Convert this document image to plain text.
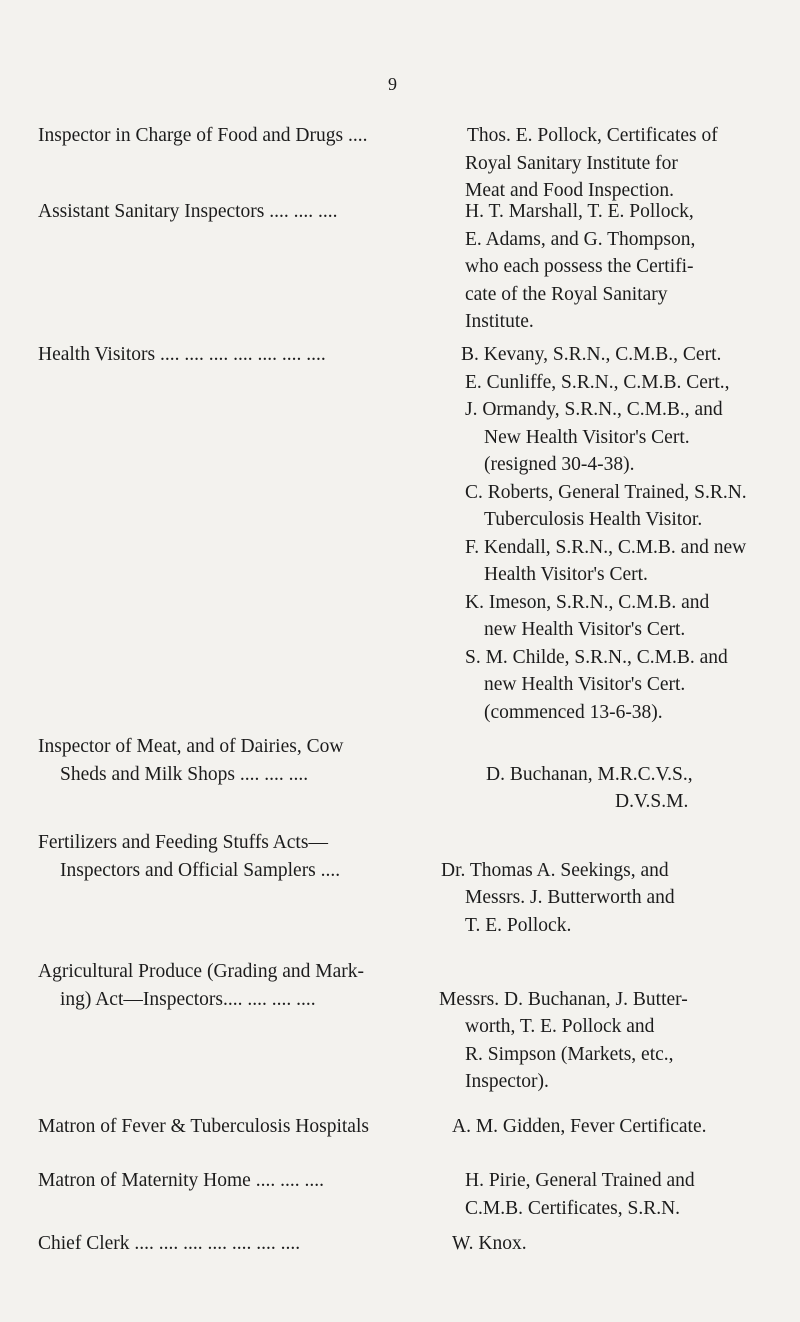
9
Inspector in Charge of Food and Drugs ....	Thos. E. Pollock, Certificates of
Royal Sanitary Institute for
Meat and Food Inspection.
Assistant Sanitary Inspectors .... .... ....	H. T. Marshall, T. E. Pollock,
E. Adams, and G. Thompson,
who each possess the Certifi-
cate of the Royal Sanitary
Institute.
Health Visitors .... .... .... .... .... .... ....	B. Kevany, S.R.N., C.M.B., Cert.
E. Cunliffe, S.R.N., C.M.B. Cert.,
J. Ormandy, S.R.N., C.M.B., and
New Health Visitor's Cert.
(resigned 30-4-38).
C. Roberts, General Trained, S.R.N.
Tuberculosis Health Visitor.
F. Kendall, S.R.N., C.M.B. and new
Health Visitor's Cert.
K. Imeson, S.R.N., C.M.B. and
new Health Visitor's Cert.
S. M. Childe, S.R.N., C.M.B. and
new Health Visitor's Cert.
(commenced 13-6-38).
Inspector of Meat, and of Dairies, Cow
Sheds and Milk Shops .... .... ....	D. Buchanan, M.R.C.V.S.,
D.V.S.M.
Fertilizers and Feeding Stuffs Acts—
Inspectors and Official Samplers ....	Dr. Thomas A. Seekings, and
Messrs. J. Butterworth and
T. E. Pollock.
Agricultural Produce (Grading and Mark-
ing) Act—Inspectors.... .... .... ....	Messrs. D. Buchanan, J. Butter-
worth, T. E. Pollock and
R. Simpson (Markets, etc.,
Inspector).
Matron of Fever & Tuberculosis Hospitals	A. M. Gidden, Fever Certificate.
Matron of Maternity Home .... .... ....	H. Pirie, General Trained and
C.M.B. Certificates, S.R.N.
Chief Clerk .... .... .... .... .... .... ....	W. Knox.
